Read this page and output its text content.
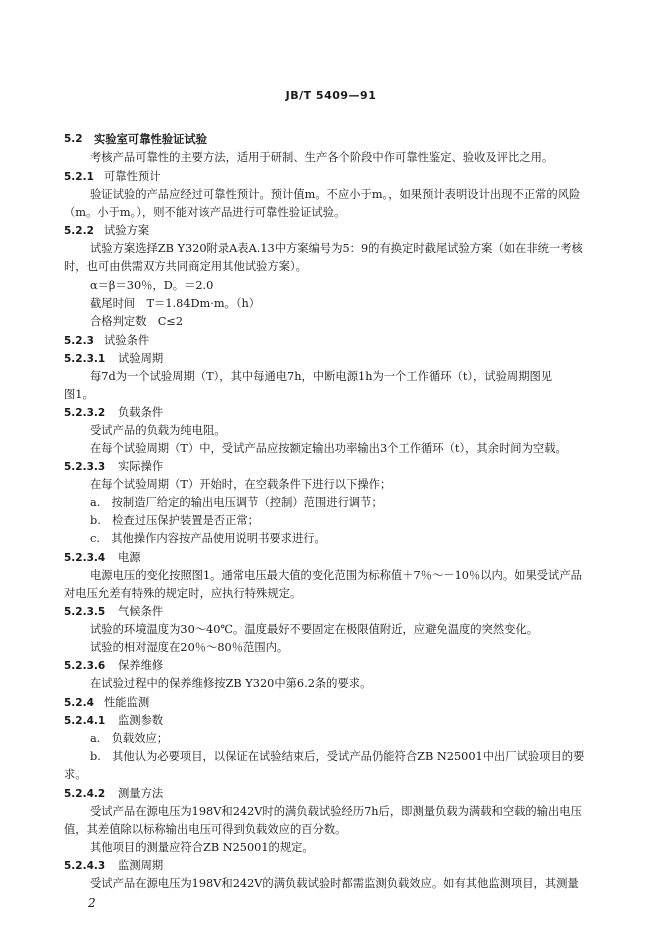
JB/T 5409—91
5.2 实验室可靠性验证试验
考核产品可靠性的主要方法，适用于研制、生产各个阶段中作可靠性鉴定、验收及评比之用。
5.2.1 可靠性预计
验证试验的产品应经过可靠性预计。预计值m。不应小于m。，如果预计表明设计出现不正常的风险
（m。小于m。），则不能对该产品进行可靠性验证试验。
5.2.2 试验方案
试验方案选择ZB Y320附录A表A.13中方案编号为5：9的有换定时截尾试验方案（如在非统一考核
时，也可由供需双方共同商定用其他试验方案）。
α＝β＝30％，D。＝2.0
截尾时间　T＝1.84Dm·m。（h）
合格判定数　C≤2
5.2.3 试验条件
5.2.3.1 试验周期
每7d为一个试验周期（T），其中每通电7h，中断电源1h为一个工作循环（t），试验周期图见
图1。
5.2.3.2 负载条件
受试产品的负载为纯电阻。
在每个试验周期（T）中，受试产品应按额定输出功率输出3个工作循环（t），其余时间为空载。
5.2.3.3 实际操作
在每个试验周期（T）开始时，在空载条件下进行以下操作；
a.　按制造厂给定的输出电压调节（控制）范围进行调节；
b.　检查过压保护装置是否正常；
c.　其他操作内容按产品使用说明书要求进行。
5.2.3.4 电源
电源电压的变化按照图1。通常电压最大值的变化范围为标称值＋7％～－10％以内。如果受试产品
对电压允差有特殊的规定时，应执行特殊规定。
5.2.3.5 气候条件
试验的环境温度为30～40℃。温度最好不要固定在极限值附近，应避免温度的突然变化。
试验的相对湿度在20％～80％范围内。
5.2.3.6 保养维修
在试验过程中的保养维修按ZB Y320中第6.2条的要求。
5.2.4 性能监测
5.2.4.1 监测参数
a.　负载效应；
b.　其他认为必要项目，以保证在试验结束后，受试产品仍能符合ZB N25001中出厂试验项目的要
求。
5.2.4.2 测量方法
受试产品在源电压为198V和242V时的满负载试验经历7h后，即测量负载为满载和空载的输出电压
值，其差值除以标称输出电压可得到负载效应的百分数。
其他项目的测量应符合ZB N25001的规定。
5.2.4.3 监测周期
受试产品在源电压为198V和242V的满负载试验时都需监测负载效应。如有其他监测项目，其测量
2
